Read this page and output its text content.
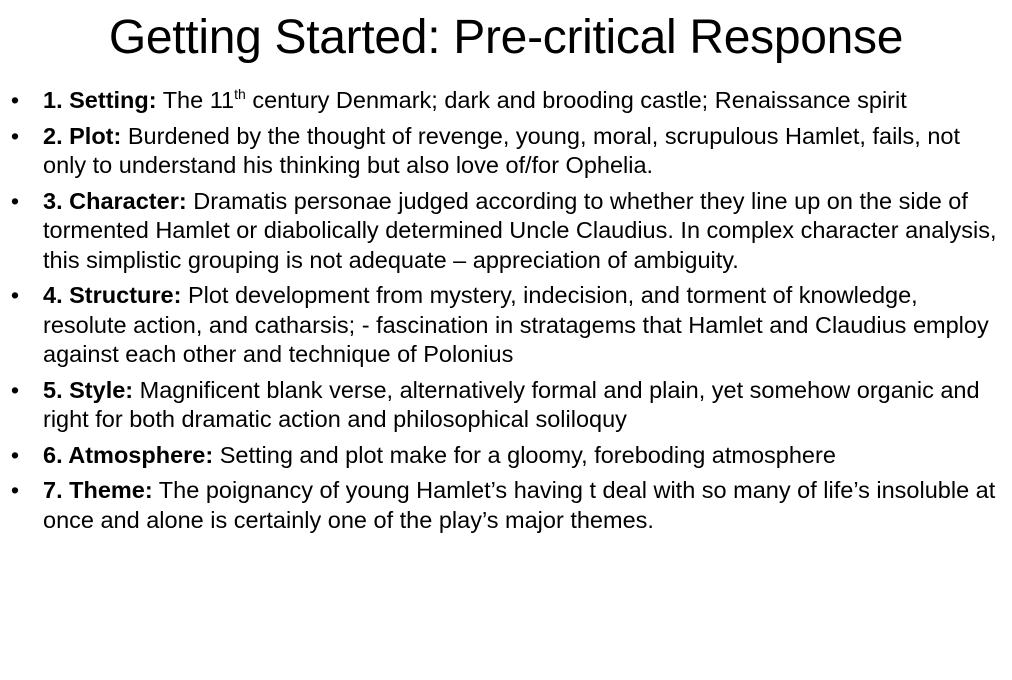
Getting Started: Pre-critical Response
• 1. Setting: The 11th century Denmark; dark and brooding castle; Renaissance spirit
• 2. Plot: Burdened by the thought of revenge, young, moral, scrupulous Hamlet, fails, not only to understand his thinking but also love of/for Ophelia.
• 3. Character: Dramatis personae judged according to whether they line up on the side of tormented Hamlet or diabolically determined Uncle Claudius. In complex character analysis, this simplistic grouping is not adequate – appreciation of ambiguity.
• 4. Structure: Plot development from mystery, indecision, and torment of knowledge, resolute action, and catharsis; - fascination in stratagems that Hamlet and Claudius employ against each other and technique of Polonius
• 5. Style: Magnificent blank verse, alternatively formal and plain, yet somehow organic and right for both dramatic action and philosophical soliloquy
• 6. Atmosphere: Setting and plot make for a gloomy, foreboding atmosphere
• 7. Theme: The poignancy of young Hamlet’s having t deal with so many of life’s insoluble at once and alone is certainly one of the play’s major themes.
